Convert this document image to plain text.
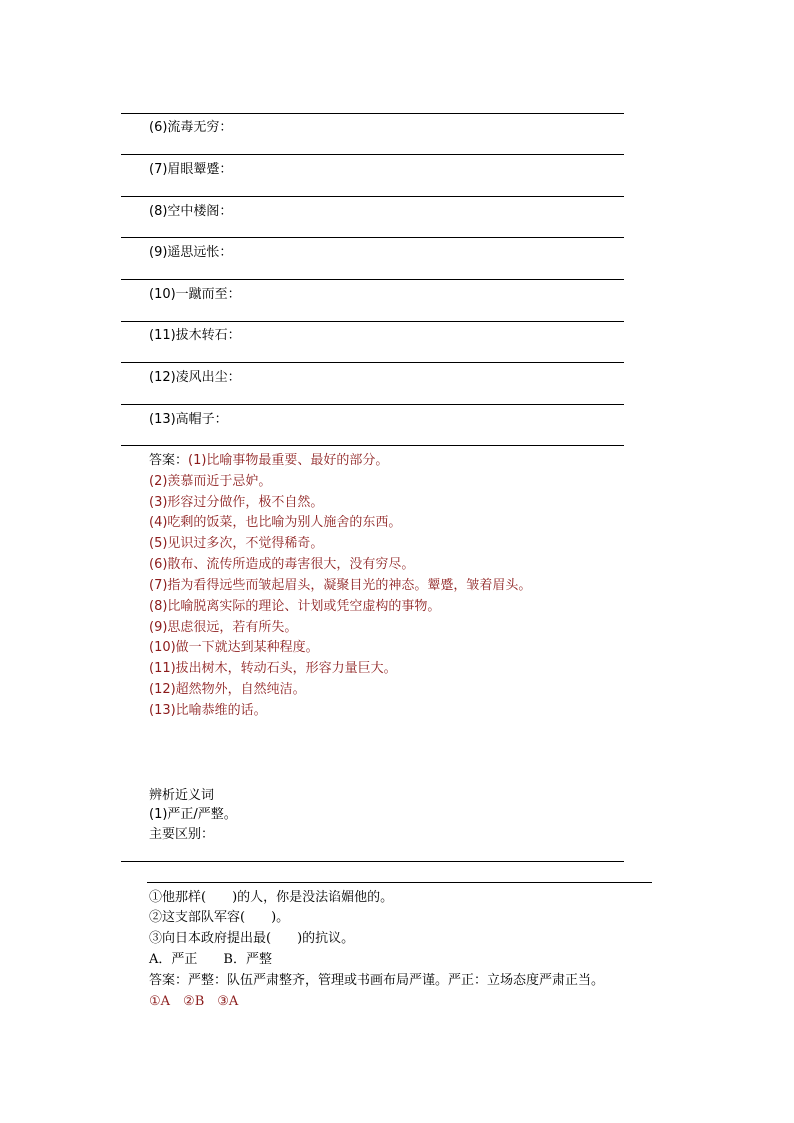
(6)流毒无穷：
(7)眉眼颦蹙：
(8)空中楼阁：
(9)遥思远怅：
(10)一蹴而至：
(11)拔木转石：
(12)凌风出尘：
(13)高帽子：
答案：(1)比喻事物最重要、最好的部分。
(2)羡慕而近于忌妒。
(3)形容过分做作，极不自然。
(4)吃剩的饭菜，也比喻为别人施舍的东西。
(5)见识过多次，不觉得稀奇。
(6)散布、流传所造成的毒害很大，没有穷尽。
(7)指为看得远些而皱起眉头，凝聚目光的神态。颦蹙，皱着眉头。
(8)比喻脱离实际的理论、计划或凭空虚构的事物。
(9)思虑很远，若有所失。
(10)做一下就达到某种程度。
(11)拔出树木，转动石头，形容力量巨大。
(12)超然物外，自然纯洁。
(13)比喻恭维的话。
辨析近义词
(1)严正/严整。
主要区别：
①他那样(　　)的人，你是没法谄媚他的。
②这支部队军容(　　)。
③向日本政府提出最(　　)的抗议。
A．严正　　B．严整
答案：严整：队伍严肃整齐，管理或书画布局严谨。严正：立场态度严肃正当。
①A　②B　③A
